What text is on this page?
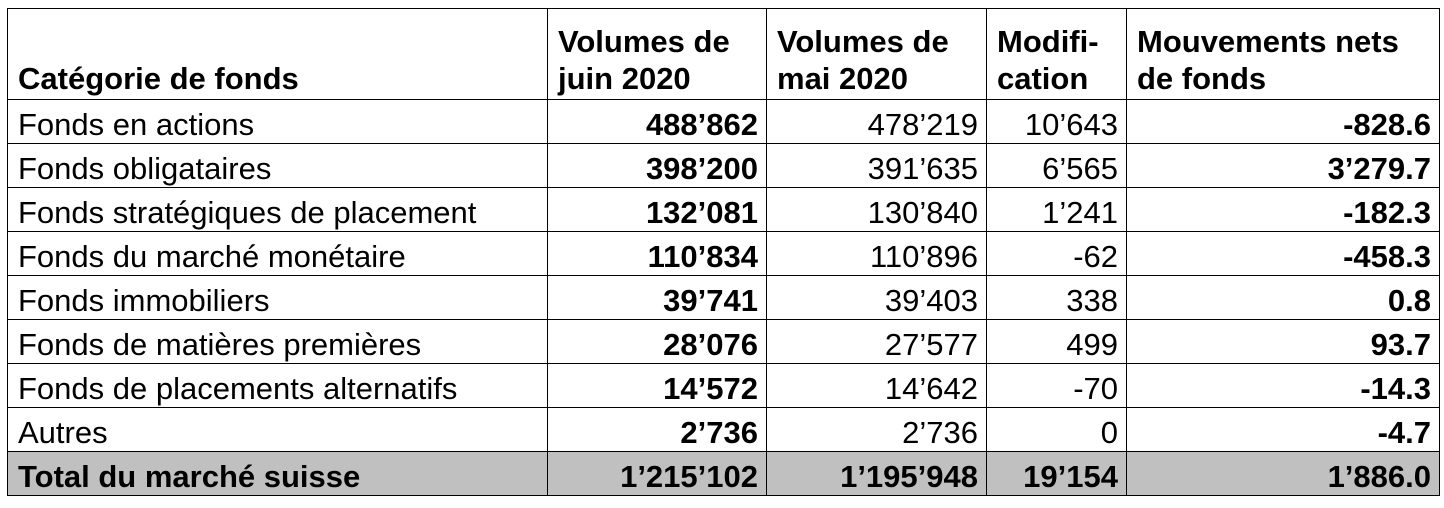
Catégorie de fonds	Volumes de juin 2020	Volumes de mai 2020	Modifi-cation	Mouvements nets de fonds
Fonds en actions	488’862	478’219	10’643	-828.6
Fonds obligataires	398’200	391’635	6’565	3’279.7
Fonds stratégiques de placement	132’081	130’840	1’241	-182.3
Fonds du marché monétaire	110’834	110’896	-62	-458.3
Fonds immobiliers	39’741	39’403	338	0.8
Fonds de matières premières	28’076	27’577	499	93.7
Fonds de placements alternatifs	14’572	14’642	-70	-14.3
Autres	2’736	2’736	0	-4.7
Total du marché suisse	1’215’102	1’195’948	19’154	1’886.0
